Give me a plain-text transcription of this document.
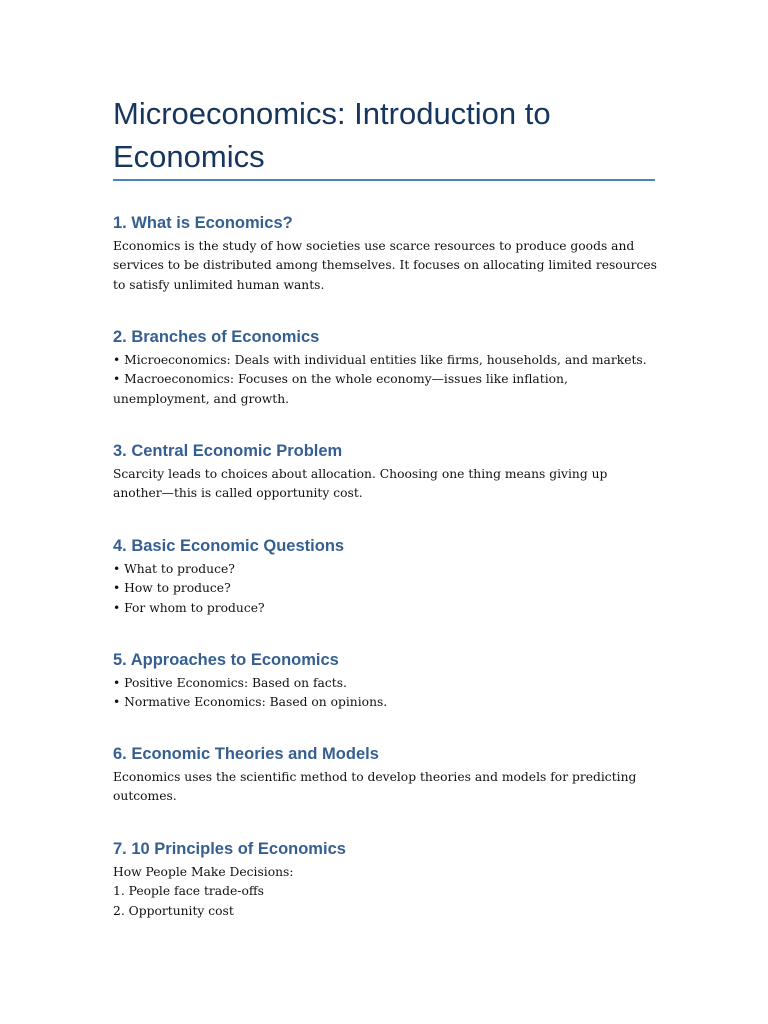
Microeconomics: Introduction to Economics
1. What is Economics?

Economics is the study of how societies use scarce resources to produce goods and services to be distributed among themselves. It focuses on allocating limited resources to satisfy unlimited human wants.

2. Branches of Economics
• Microeconomics: Deals with individual entities like firms, households, and markets.
• Macroeconomics: Focuses on the whole economy—issues like inflation, unemployment, and growth.
3. Central Economic Problem

Scarcity leads to choices about allocation. Choosing one thing means giving up another—this is called opportunity cost.

4. Basic Economic Questions
• What to produce?
• How to produce?
• For whom to produce?
5. Approaches to Economics
• Positive Economics: Based on facts.
• Normative Economics: Based on opinions.
6. Economic Theories and Models

Economics uses the scientific method to develop theories and models for predicting outcomes.

7. 10 Principles of Economics
How People Make Decisions:
1. People face trade-offs
2. Opportunity cost
